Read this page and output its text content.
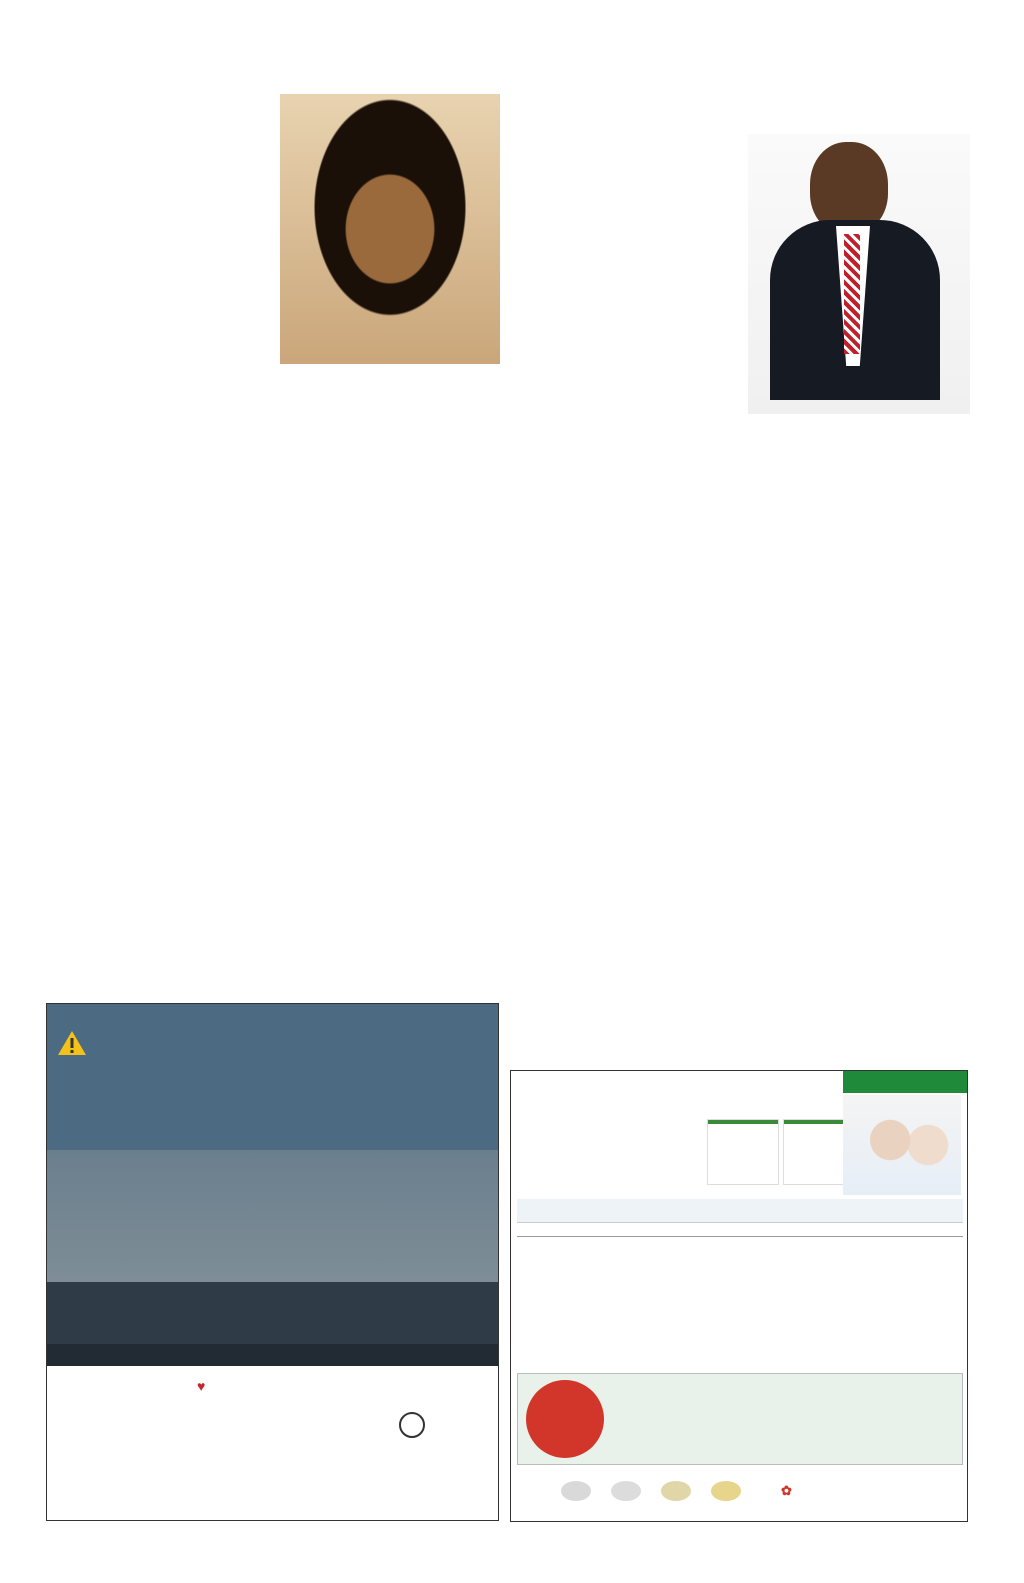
♥
✿
